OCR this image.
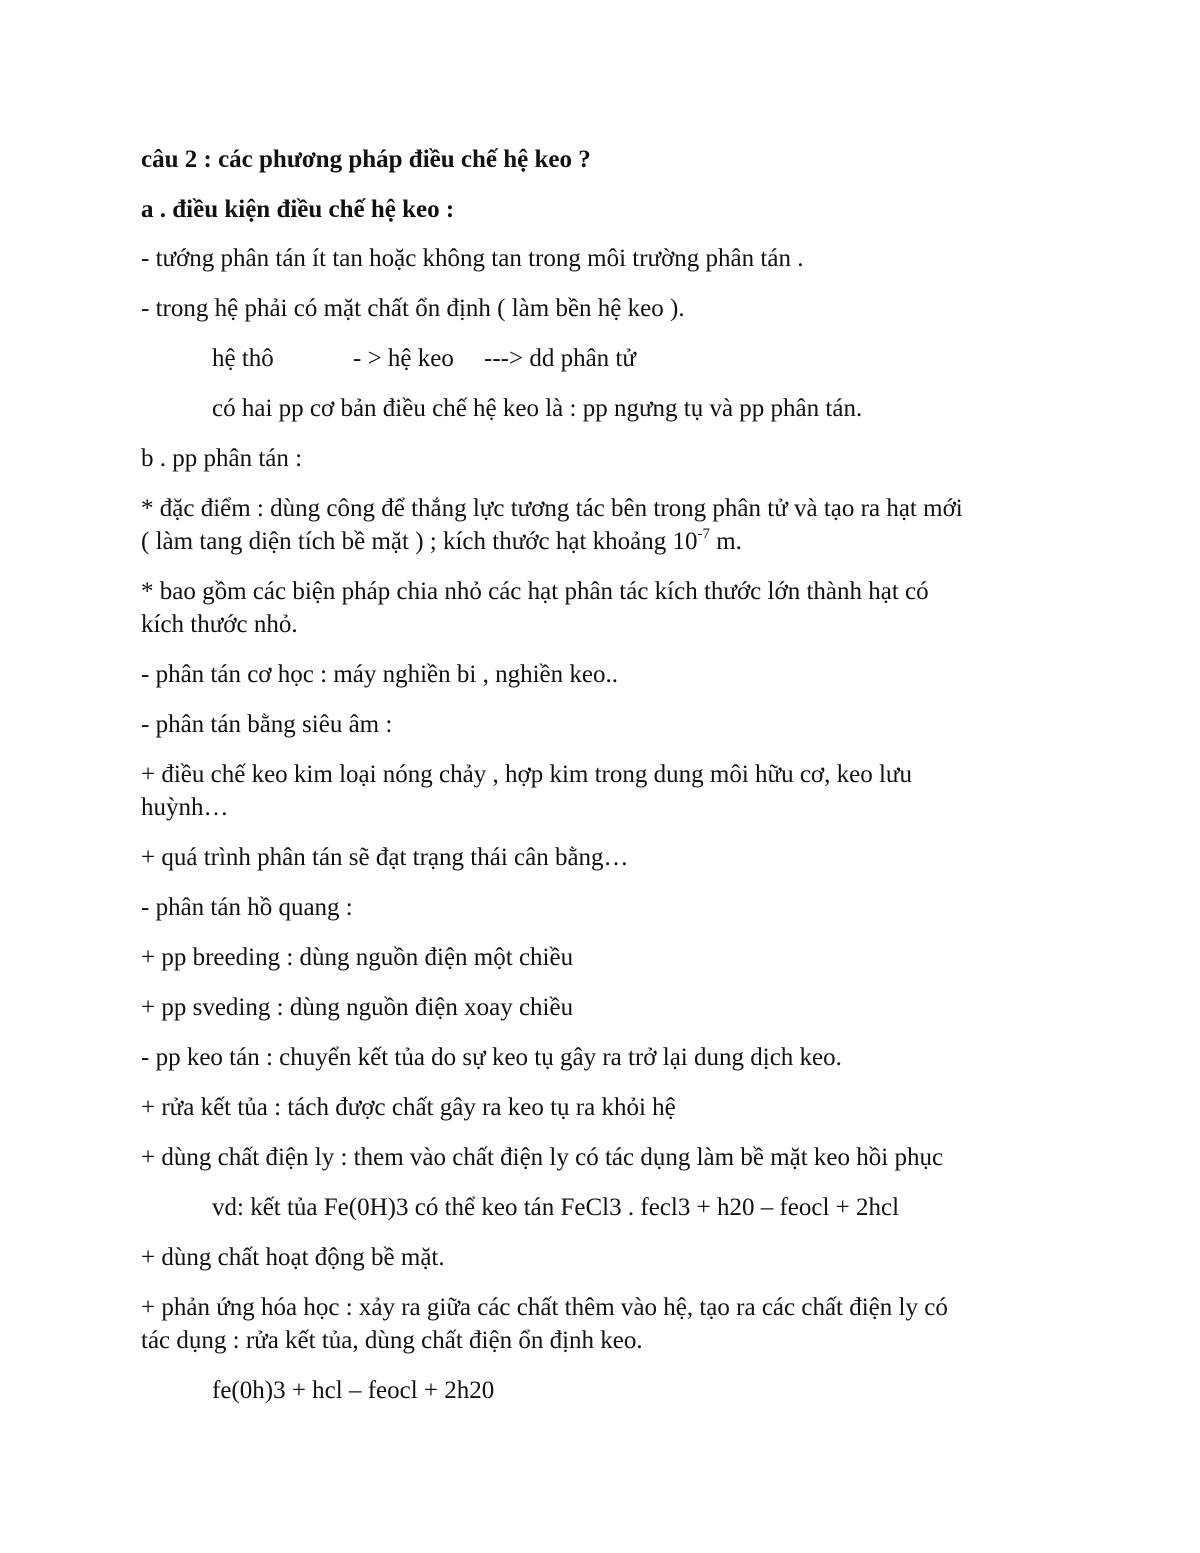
câu 2 : các phương pháp điều chế hệ keo ?
a . điều kiện điều chế hệ keo :
- tướng phân tán ít tan hoặc không tan trong môi trường phân tán .
- trong hệ phải có mặt chất ổn định ( làm bền hệ keo ).
hệ thô	- > hệ keo ---> dd phân tử
có hai pp cơ bản điều chế hệ keo là : pp ngưng tụ và pp phân tán.
b . pp phân tán :
* đặc điểm : dùng công để thắng lực tương tác bên trong phân tử và tạo ra hạt mới
( làm tang diện tích bề mặt ) ; kích thước hạt khoảng $10^{-7}$ m.
* bao gồm các biện pháp chia nhỏ các hạt phân tác kích thước lớn thành hạt có
kích thước nhỏ.
- phân tán cơ học : máy nghiền bi , nghiền keo..
- phân tán bằng siêu âm :
+ điều chế keo kim loại nóng chảy , hợp kim trong dung môi hữu cơ, keo lưu
huỳnh…
+ quá trình phân tán sẽ đạt trạng thái cân bằng…
- phân tán hồ quang :
+ pp breeding : dùng nguồn điện một chiều
+ pp sveding : dùng nguồn điện xoay chiều
- pp keo tán : chuyển kết tủa do sự keo tụ gây ra trở lại dung dịch keo.
+ rửa kết tủa : tách được chất gây ra keo tụ ra khỏi hệ
+ dùng chất điện ly : them vào chất điện ly có tác dụng làm bề mặt keo hồi phục
vd: kết tủa Fe(0H)3 có thể keo tán FeCl3 . fecl3 + h20 – feocl + 2hcl
+ dùng chất hoạt động bề mặt.
+ phản ứng hóa học : xảy ra giữa các chất thêm vào hệ, tạo ra các chất điện ly có
tác dụng : rửa kết tủa, dùng chất điện ổn định keo.
fe(0h)3 + hcl – feocl + 2h20
